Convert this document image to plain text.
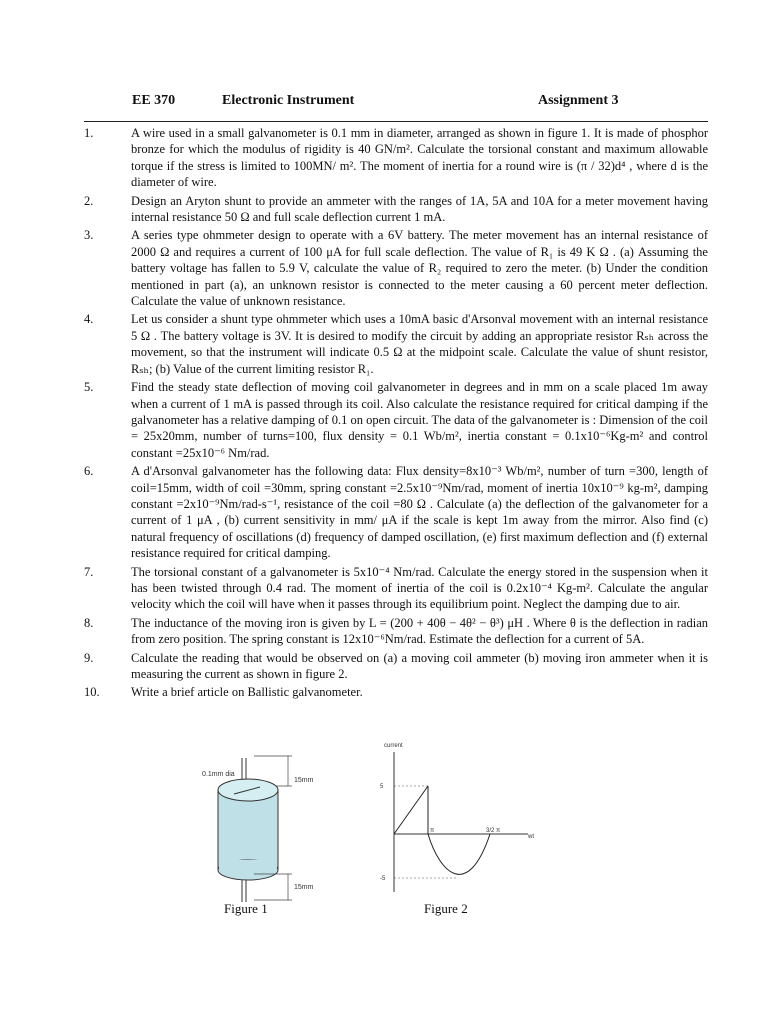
EE 370	Electronic Instrument	Assignment 3
1.	A wire used in a small galvanometer is 0.1 mm in diameter, arranged as shown in figure 1. It is made of phosphor bronze for which the modulus of rigidity is 40 GN/m². Calculate the torsional constant and maximum allowable torque if the stress is limited to 100MN/ m². The moment of inertia for a round wire is (π / 32)d⁴ , where d is the diameter of wire.
2.	Design an Aryton shunt to provide an ammeter with the ranges of 1A, 5A and 10A for a meter movement having internal resistance 50 Ω and full scale deflection current 1 mA.
3.	A series type ohmmeter design to operate with a 6V battery. The meter movement has an internal resistance of 2000 Ω and requires a current of 100 μA for full scale deflection. The value of R₁ is 49 K Ω . (a) Assuming the battery voltage has fallen to 5.9 V, calculate the value of R₂ required to zero the meter. (b) Under the condition mentioned in part (a), an unknown resistor is connected to the meter causing a 60 percent meter deflection. Calculate the value of unknown resistance.
4.	Let us consider a shunt type ohmmeter which uses a 10mA basic d'Arsonval movement with an internal resistance 5 Ω . The battery voltage is 3V. It is desired to modify the circuit by adding an appropriate resistor Rₛₕ across the movement, so that the instrument will indicate 0.5 Ω at the midpoint scale. Calculate the value of shunt resistor, Rₛₕ; (b) Value of the current limiting resistor R₁.
5.	Find the steady state deflection of moving coil galvanometer in degrees and in mm on a scale placed 1m away when a current of 1 mA is passed through its coil. Also calculate the resistance required for critical damping if the galvanometer has a relative damping of 0.1 on open circuit. The data of the galvanometer is : Dimension of the coil = 25x20mm, number of turns=100, flux density = 0.1 Wb/m², inertia constant = 0.1x10⁻⁶Kg-m² and control constant =25x10⁻⁶ Nm/rad.
6.	A d'Arsonval galvanometer has the following data: Flux density=8x10⁻³ Wb/m², number of turn =300, length of coil=15mm, width of coil =30mm, spring constant =2.5x10⁻⁹Nm/rad, moment of inertia 10x10⁻⁹ kg-m², damping constant =2x10⁻⁹Nm/rad-s⁻¹, resistance of the coil =80 Ω . Calculate (a) the deflection of the galvanometer for a current of 1 μA , (b) current sensitivity in mm/ μA if the scale is kept 1m away from the mirror. Also find (c) natural frequency of oscillations (d) frequency of damped oscillation, (e) first maximum deflection and (f) external resistance required for critical damping.
7.	The torsional constant of a galvanometer is 5x10⁻⁴ Nm/rad. Calculate the energy stored in the suspension when it has been twisted through 0.4 rad. The moment of inertia of the coil is 0.2x10⁻⁴ Kg-m². Calculate the angular velocity which the coil will have when it passes through its equilibrium point. Neglect the damping due to air.
8.	The inductance of the moving iron is given by L = (200 + 40θ − 4θ² − θ³) μH . Where θ is the deflection in radian from zero position. The spring constant is 12x10⁻⁶Nm/rad. Estimate the deflection for a current of 5A.
9.	Calculate the reading that would be observed on (a) a moving coil ammeter (b) moving iron ammeter when it is measuring the current as shown in figure 2.
10.	Write a brief article on Ballistic galvanometer.
0.1mm dia
15mm
15mm
Figure 1
current
wt
5
-5
π	3/2 π
Figure 2
